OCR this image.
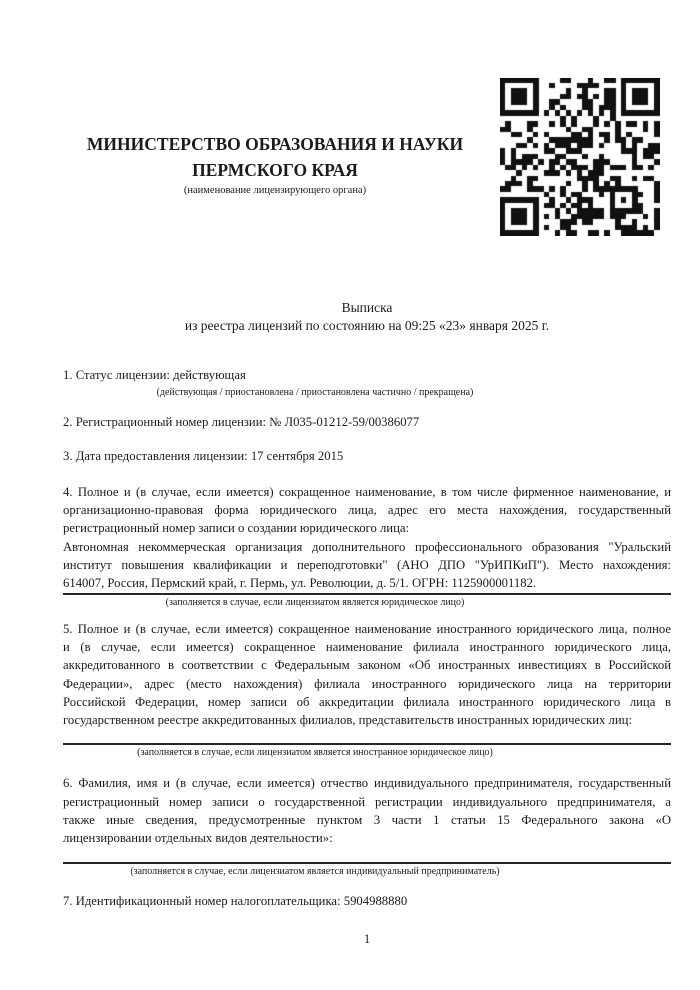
МИНИСТЕРСТВО ОБРАЗОВАНИЯ И НАУКИ
ПЕРМСКОГО КРАЯ
(наименование лицензирующего органа)
Выписка
из реестра лицензий по состоянию на 09:25 «23» января 2025 г.
1. Статус лицензии: действующая
(действующая / приостановлена / приостановлена частично / прекращена)
2. Регистрационный номер лицензии: № Л035-01212-59/00386077
3. Дата предоставления лицензии: 17 сентября 2015
4. Полное и (в случае, если имеется) сокращенное наименование, в том числе фирменное наименование, и
организационно-правовая форма юридического лица, адрес его места нахождения, государственный
регистрационный номер записи о создании юридического лица:
Автономная некоммерческая организация дополнительного профессионального образования "Уральский
институт повышения квалификации и переподготовки" (АНО ДПО "УрИПКиП"). Место нахождения:
614007, Россия, Пермский край, г. Пермь, ул. Революции, д. 5/1. ОГРН: 1125900001182.
(заполняется в случае, если лицензиатом является юридическое лицо)
5. Полное и (в случае, если имеется) сокращенное наименование иностранного юридического лица, полное
и (в случае, если имеется) сокращенное наименование филиала иностранного юридического лица,
аккредитованного в соответствии с Федеральным законом «Об иностранных инвестициях в Российской
Федерации», адрес (место нахождения) филиала иностранного юридического лица на территории
Российской Федерации, номер записи об аккредитации филиала иностранного юридического лица в
государственном реестре аккредитованных филиалов, представительств иностранных юридических лиц:
(заполняется в случае, если лицензиатом является иностранное юридическое лицо)
6. Фамилия, имя и (в случае, если имеется) отчество индивидуального предпринимателя, государственный
регистрационный номер записи о государственной регистрации индивидуального предпринимателя, а
также иные сведения, предусмотренные пунктом 3 части 1 статьи 15 Федерального закона «О
лицензировании отдельных видов деятельности»:
(заполняется в случае, если лицензиатом является индивидуальный предприниматель)
7. Идентификационный номер налогоплательщика: 5904988880
1
